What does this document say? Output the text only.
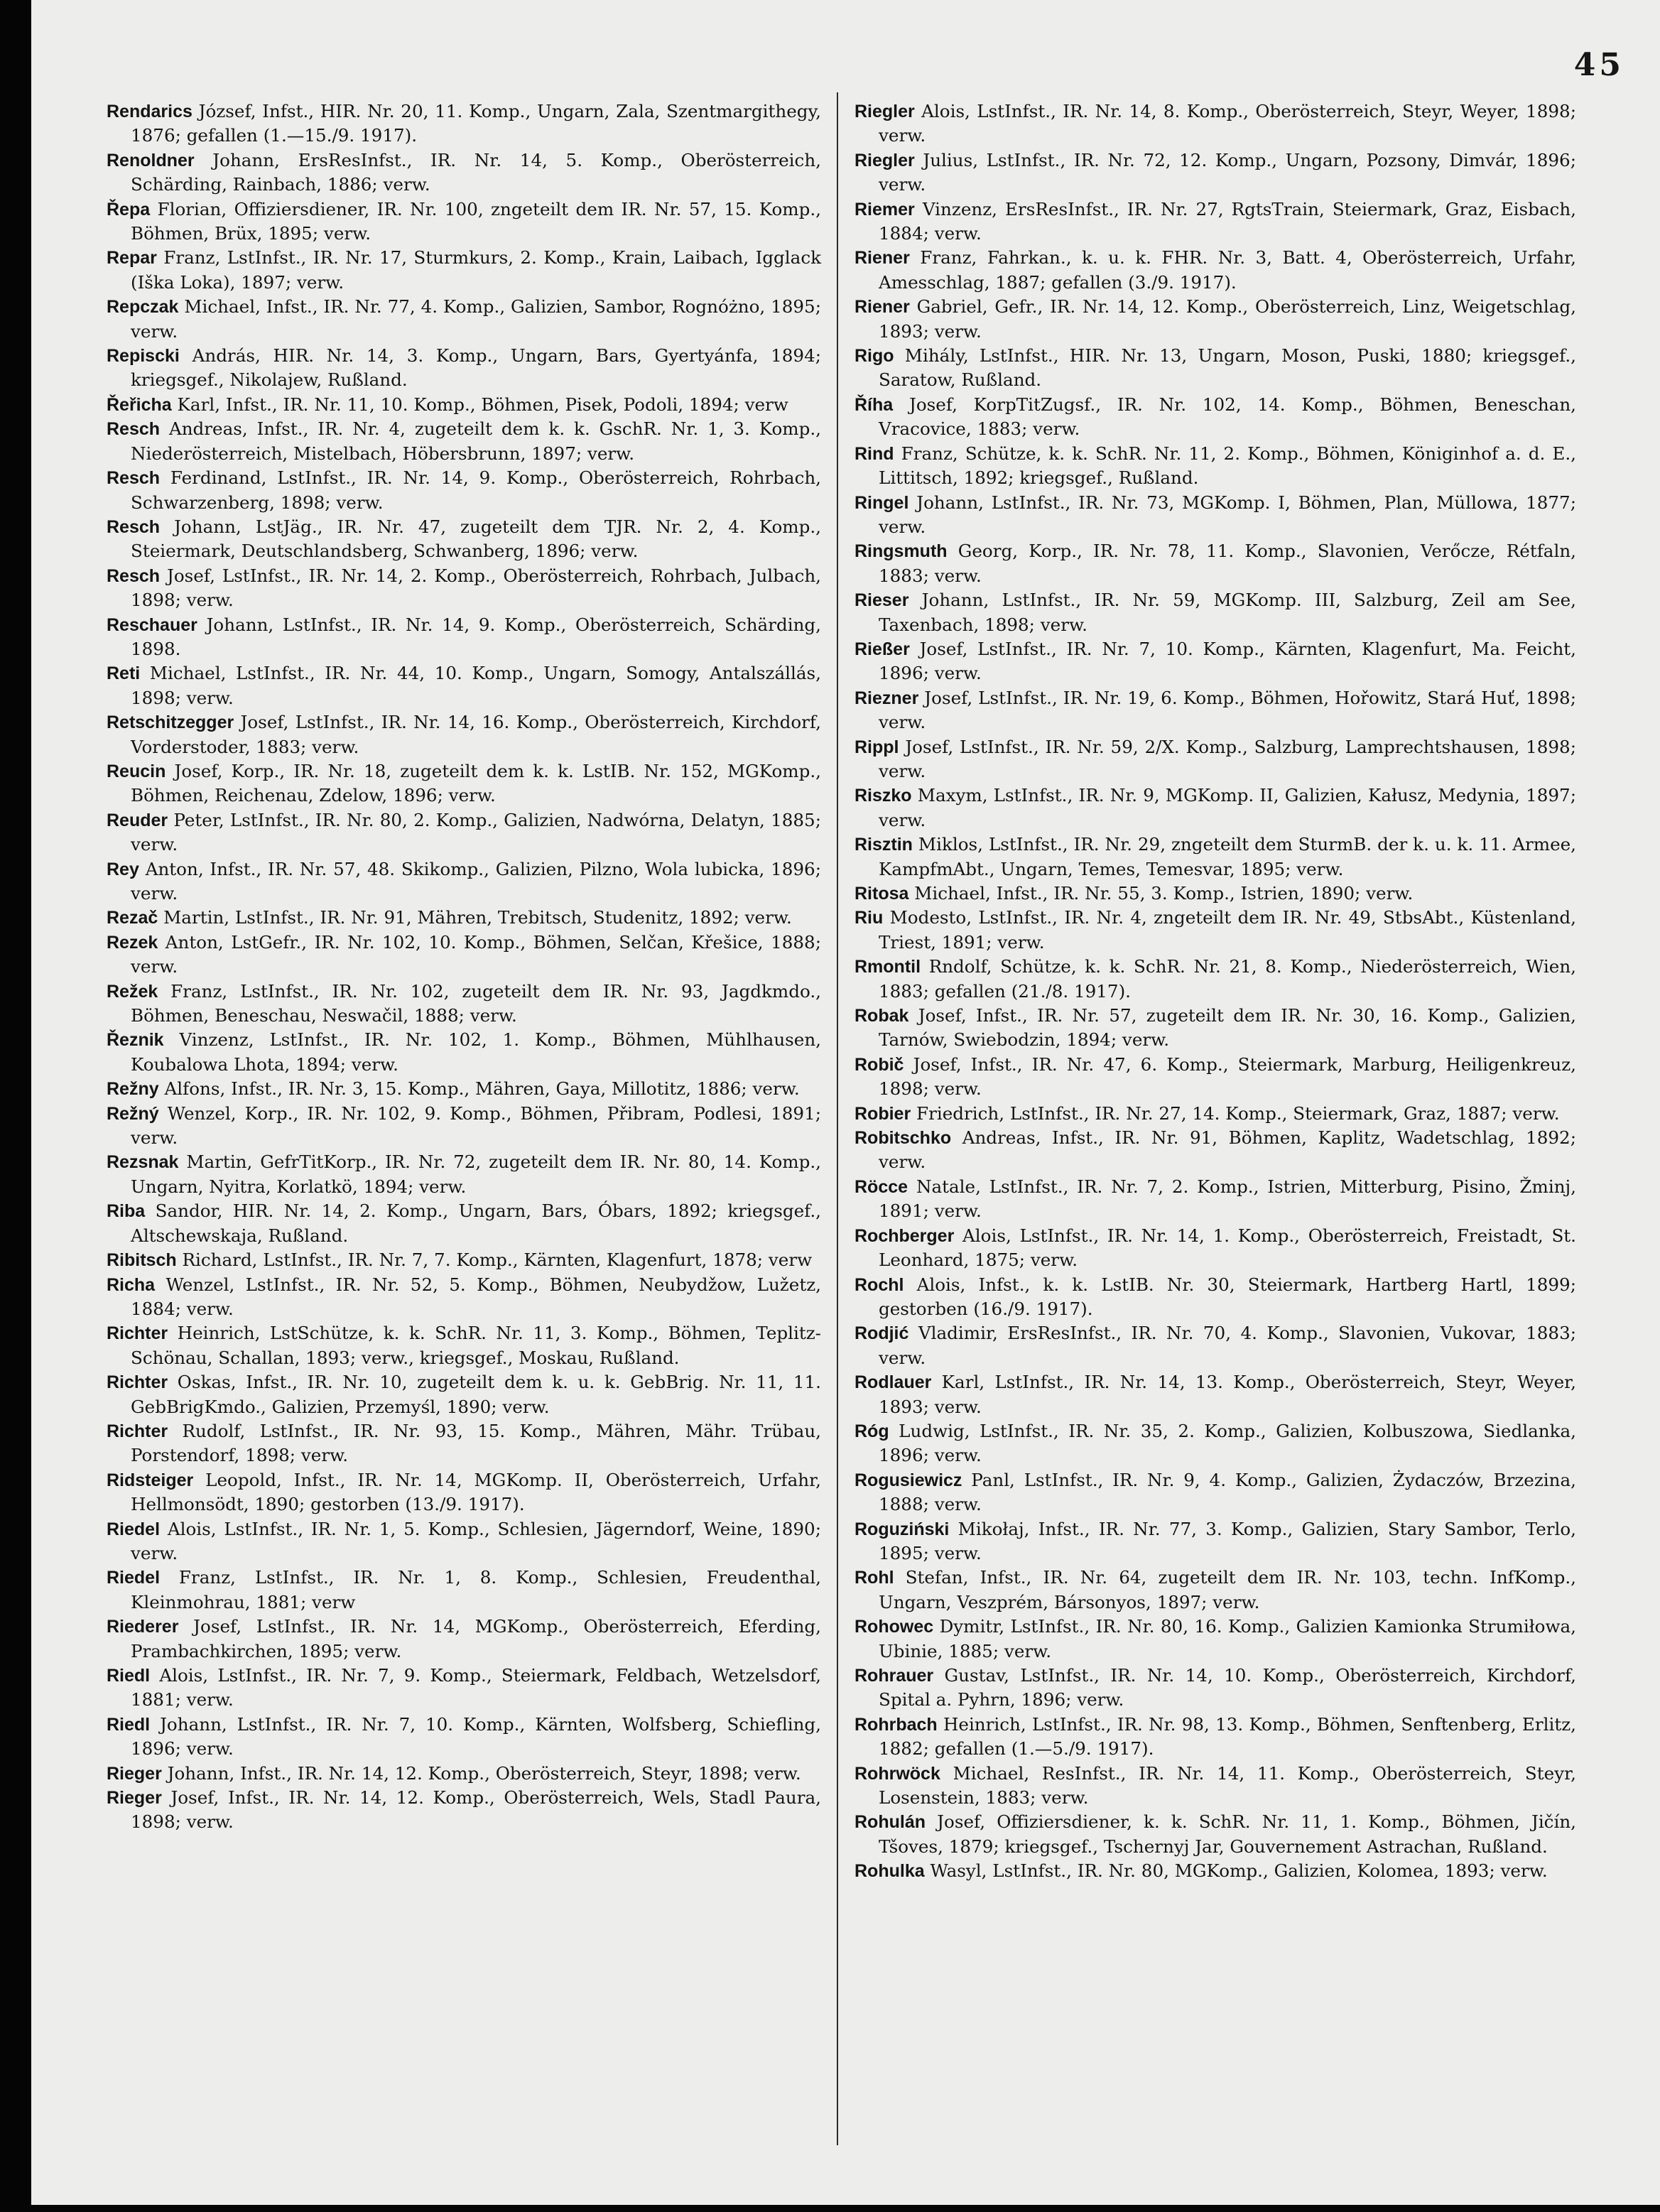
45

Rendarics József, Infst., HIR. Nr. 20, 11. Komp., Ungarn, Zala, Szentmargithegy, 1876; gefallen (1.—15./9. 1917).

Renoldner Johann, ErsResInfst., IR. Nr. 14, 5. Komp., Oberösterreich, Schärding, Rainbach, 1886; verw.

Řepa Florian, Offiziersdiener, IR. Nr. 100, zngeteilt dem IR. Nr. 57, 15. Komp., Böhmen, Brüx, 1895; verw.

Repar Franz, LstInfst., IR. Nr. 17, Sturmkurs, 2. Komp., Krain, Laibach, Igglack (Iška Loka), 1897; verw.

Repczak Michael, Infst., IR. Nr. 77, 4. Komp., Galizien, Sambor, Rognóżno, 1895; verw.

Repiscki András, HIR. Nr. 14, 3. Komp., Ungarn, Bars, Gyertyánfa, 1894; kriegsgef., Nikolajew, Rußland.

Řeřicha Karl, Infst., IR. Nr. 11, 10. Komp., Böhmen, Pisek, Podoli, 1894; verw

Resch Andreas, Infst., IR. Nr. 4, zugeteilt dem k. k. GschR. Nr. 1, 3. Komp., Niederösterreich, Mistelbach, Höbersbrunn, 1897; verw.

Resch Ferdinand, LstInfst., IR. Nr. 14, 9. Komp., Oberösterreich, Rohrbach, Schwarzenberg, 1898; verw.

Resch Johann, LstJäg., IR. Nr. 47, zugeteilt dem TJR. Nr. 2, 4. Komp., Steiermark, Deutschlandsberg, Schwanberg, 1896; verw.

Resch Josef, LstInfst., IR. Nr. 14, 2. Komp., Oberösterreich, Rohrbach, Julbach, 1898; verw.

Reschauer Johann, LstInfst., IR. Nr. 14, 9. Komp., Oberösterreich, Schärding, 1898.

Reti Michael, LstInfst., IR. Nr. 44, 10. Komp., Ungarn, Somogy, Antalszállás, 1898; verw.

Retschitzegger Josef, LstInfst., IR. Nr. 14, 16. Komp., Oberösterreich, Kirchdorf, Vorderstoder, 1883; verw.

Reucin Josef, Korp., IR. Nr. 18, zugeteilt dem k. k. LstIB. Nr. 152, MGKomp., Böhmen, Reichenau, Zdelow, 1896; verw.

Reuder Peter, LstInfst., IR. Nr. 80, 2. Komp., Galizien, Nadwórna, Delatyn, 1885; verw.

Rey Anton, Infst., IR. Nr. 57, 48. Skikomp., Galizien, Pilzno, Wola lubicka, 1896; verw.

Rezač Martin, LstInfst., IR. Nr. 91, Mähren, Trebitsch, Studenitz, 1892; verw.

Rezek Anton, LstGefr., IR. Nr. 102, 10. Komp., Böhmen, Selčan, Křešice, 1888; verw.

Režek Franz, LstInfst., IR. Nr. 102, zugeteilt dem IR. Nr. 93, Jagdkmdo., Böhmen, Beneschau, Neswačil, 1888; verw.

Řeznik Vinzenz, LstInfst., IR. Nr. 102, 1. Komp., Böhmen, Mühlhausen, Koubalowa Lhota, 1894; verw.

Režny Alfons, Infst., IR. Nr. 3, 15. Komp., Mähren, Gaya, Millotitz, 1886; verw.

Režný Wenzel, Korp., IR. Nr. 102, 9. Komp., Böhmen, Přibram, Podlesi, 1891; verw.

Rezsnak Martin, GefrTitKorp., IR. Nr. 72, zugeteilt dem IR. Nr. 80, 14. Komp., Ungarn, Nyitra, Korlatkö, 1894; verw.

Riba Sandor, HIR. Nr. 14, 2. Komp., Ungarn, Bars, Óbars, 1892; kriegsgef., Altschewskaja, Rußland.

Ribitsch Richard, LstInfst., IR. Nr. 7, 7. Komp., Kärnten, Klagenfurt, 1878; verw

Richa Wenzel, LstInfst., IR. Nr. 52, 5. Komp., Böhmen, Neubydžow, Lužetz, 1884; verw.

Richter Heinrich, LstSchütze, k. k. SchR. Nr. 11, 3. Komp., Böhmen, Teplitz-Schönau, Schallan, 1893; verw., kriegsgef., Moskau, Rußland.

Richter Oskas, Infst., IR. Nr. 10, zugeteilt dem k. u. k. GebBrig. Nr. 11, 11. GebBrigKmdo., Galizien, Przemyśl, 1890; verw.

Richter Rudolf, LstInfst., IR. Nr. 93, 15. Komp., Mähren, Mähr. Trübau, Porstendorf, 1898; verw.

Ridsteiger Leopold, Infst., IR. Nr. 14, MGKomp. II, Oberösterreich, Urfahr, Hellmonsödt, 1890; gestorben (13./9. 1917).

Riedel Alois, LstInfst., IR. Nr. 1, 5. Komp., Schlesien, Jägerndorf, Weine, 1890; verw.

Riedel Franz, LstInfst., IR. Nr. 1, 8. Komp., Schlesien, Freudenthal, Kleinmohrau, 1881; verw

Riederer Josef, LstInfst., IR. Nr. 14, MGKomp., Oberösterreich, Eferding, Prambachkirchen, 1895; verw.

Riedl Alois, LstInfst., IR. Nr. 7, 9. Komp., Steiermark, Feldbach, Wetzelsdorf, 1881; verw.

Riedl Johann, LstInfst., IR. Nr. 7, 10. Komp., Kärnten, Wolfsberg, Schiefling, 1896; verw.

Rieger Johann, Infst., IR. Nr. 14, 12. Komp., Oberösterreich, Steyr, 1898; verw.

Rieger Josef, Infst., IR. Nr. 14, 12. Komp., Oberösterreich, Wels, Stadl Paura, 1898; verw.

Riegler Alois, LstInfst., IR. Nr. 14, 8. Komp., Oberösterreich, Steyr, Weyer, 1898; verw.

Riegler Julius, LstInfst., IR. Nr. 72, 12. Komp., Ungarn, Pozsony, Dimvár, 1896; verw.

Riemer Vinzenz, ErsResInfst., IR. Nr. 27, RgtsTrain, Steiermark, Graz, Eisbach, 1884; verw.

Riener Franz, Fahrkan., k. u. k. FHR. Nr. 3, Batt. 4, Oberösterreich, Urfahr, Amesschlag, 1887; gefallen (3./9. 1917).

Riener Gabriel, Gefr., IR. Nr. 14, 12. Komp., Oberösterreich, Linz, Weigetschlag, 1893; verw.

Rigo Mihály, LstInfst., HIR. Nr. 13, Ungarn, Moson, Puski, 1880; kriegsgef., Saratow, Rußland.

Říha Josef, KorpTitZugsf., IR. Nr. 102, 14. Komp., Böhmen, Beneschan, Vracovice, 1883; verw.

Rind Franz, Schütze, k. k. SchR. Nr. 11, 2. Komp., Böhmen, Königinhof a. d. E., Littitsch, 1892; kriegsgef., Rußland.

Ringel Johann, LstInfst., IR. Nr. 73, MGKomp. I, Böhmen, Plan, Müllowa, 1877; verw.

Ringsmuth Georg, Korp., IR. Nr. 78, 11. Komp., Slavonien, Verőcze, Rétfaln, 1883; verw.

Rieser Johann, LstInfst., IR. Nr. 59, MGKomp. III, Salzburg, Zeil am See, Taxenbach, 1898; verw.

Rießer Josef, LstInfst., IR. Nr. 7, 10. Komp., Kärnten, Klagenfurt, Ma. Feicht, 1896; verw.

Riezner Josef, LstInfst., IR. Nr. 19, 6. Komp., Böhmen, Hořowitz, Stará Huť, 1898; verw.

Rippl Josef, LstInfst., IR. Nr. 59, 2/X. Komp., Salzburg, Lamprechtshausen, 1898; verw.

Riszko Maxym, LstInfst., IR. Nr. 9, MGKomp. II, Galizien, Kałusz, Medynia, 1897; verw.

Risztin Miklos, LstInfst., IR. Nr. 29, zngeteilt dem SturmB. der k. u. k. 11. Armee, KampfmAbt., Ungarn, Temes, Temesvar, 1895; verw.

Ritosa Michael, Infst., IR. Nr. 55, 3. Komp., Istrien, 1890; verw.

Riu Modesto, LstInfst., IR. Nr. 4, zngeteilt dem IR. Nr. 49, StbsAbt., Küstenland, Triest, 1891; verw.

Rmontil Rndolf, Schütze, k. k. SchR. Nr. 21, 8. Komp., Niederösterreich, Wien, 1883; gefallen (21./8. 1917).

Robak Josef, Infst., IR. Nr. 57, zugeteilt dem IR. Nr. 30, 16. Komp., Galizien, Tarnów, Swiebodzin, 1894; verw.

Robič Josef, Infst., IR. Nr. 47, 6. Komp., Steiermark, Marburg, Heiligenkreuz, 1898; verw.

Robier Friedrich, LstInfst., IR. Nr. 27, 14. Komp., Steiermark, Graz, 1887; verw.

Robitschko Andreas, Infst., IR. Nr. 91, Böhmen, Kaplitz, Wadetschlag, 1892; verw.

Röcce Natale, LstInfst., IR. Nr. 7, 2. Komp., Istrien, Mitterburg, Pisino, Žminj, 1891; verw.

Rochberger Alois, LstInfst., IR. Nr. 14, 1. Komp., Oberösterreich, Freistadt, St. Leonhard, 1875; verw.

Rochl Alois, Infst., k. k. LstIB. Nr. 30, Steiermark, Hartberg Hartl, 1899; gestorben (16./9. 1917).

Rodjić Vladimir, ErsResInfst., IR. Nr. 70, 4. Komp., Slavonien, Vukovar, 1883; verw.

Rodlauer Karl, LstInfst., IR. Nr. 14, 13. Komp., Oberösterreich, Steyr, Weyer, 1893; verw.

Róg Ludwig, LstInfst., IR. Nr. 35, 2. Komp., Galizien, Kolbuszowa, Siedlanka, 1896; verw.

Rogusiewicz Panl, LstInfst., IR. Nr. 9, 4. Komp., Galizien, Żydaczów, Brzezina, 1888; verw.

Roguziński Mikołaj, Infst., IR. Nr. 77, 3. Komp., Galizien, Stary Sambor, Terlo, 1895; verw.

Rohl Stefan, Infst., IR. Nr. 64, zugeteilt dem IR. Nr. 103, techn. InfKomp., Ungarn, Veszprém, Bársonyos, 1897; verw.

Rohowec Dymitr, LstInfst., IR. Nr. 80, 16. Komp., Galizien Kamionka Strumiłowa, Ubinie, 1885; verw.

Rohrauer Gustav, LstInfst., IR. Nr. 14, 10. Komp., Oberösterreich, Kirchdorf, Spital a. Pyhrn, 1896; verw.

Rohrbach Heinrich, LstInfst., IR. Nr. 98, 13. Komp., Böhmen, Senftenberg, Erlitz, 1882; gefallen (1.—5./9. 1917).

Rohrwöck Michael, ResInfst., IR. Nr. 14, 11. Komp., Oberösterreich, Steyr, Losenstein, 1883; verw.

Rohulán Josef, Offiziersdiener, k. k. SchR. Nr. 11, 1. Komp., Böhmen, Jičín, Tšoves, 1879; kriegsgef., Tschernyj Jar, Gouvernement Astrachan, Rußland.

Rohulka Wasyl, LstInfst., IR. Nr. 80, MGKomp., Galizien, Kolomea, 1893; verw.
